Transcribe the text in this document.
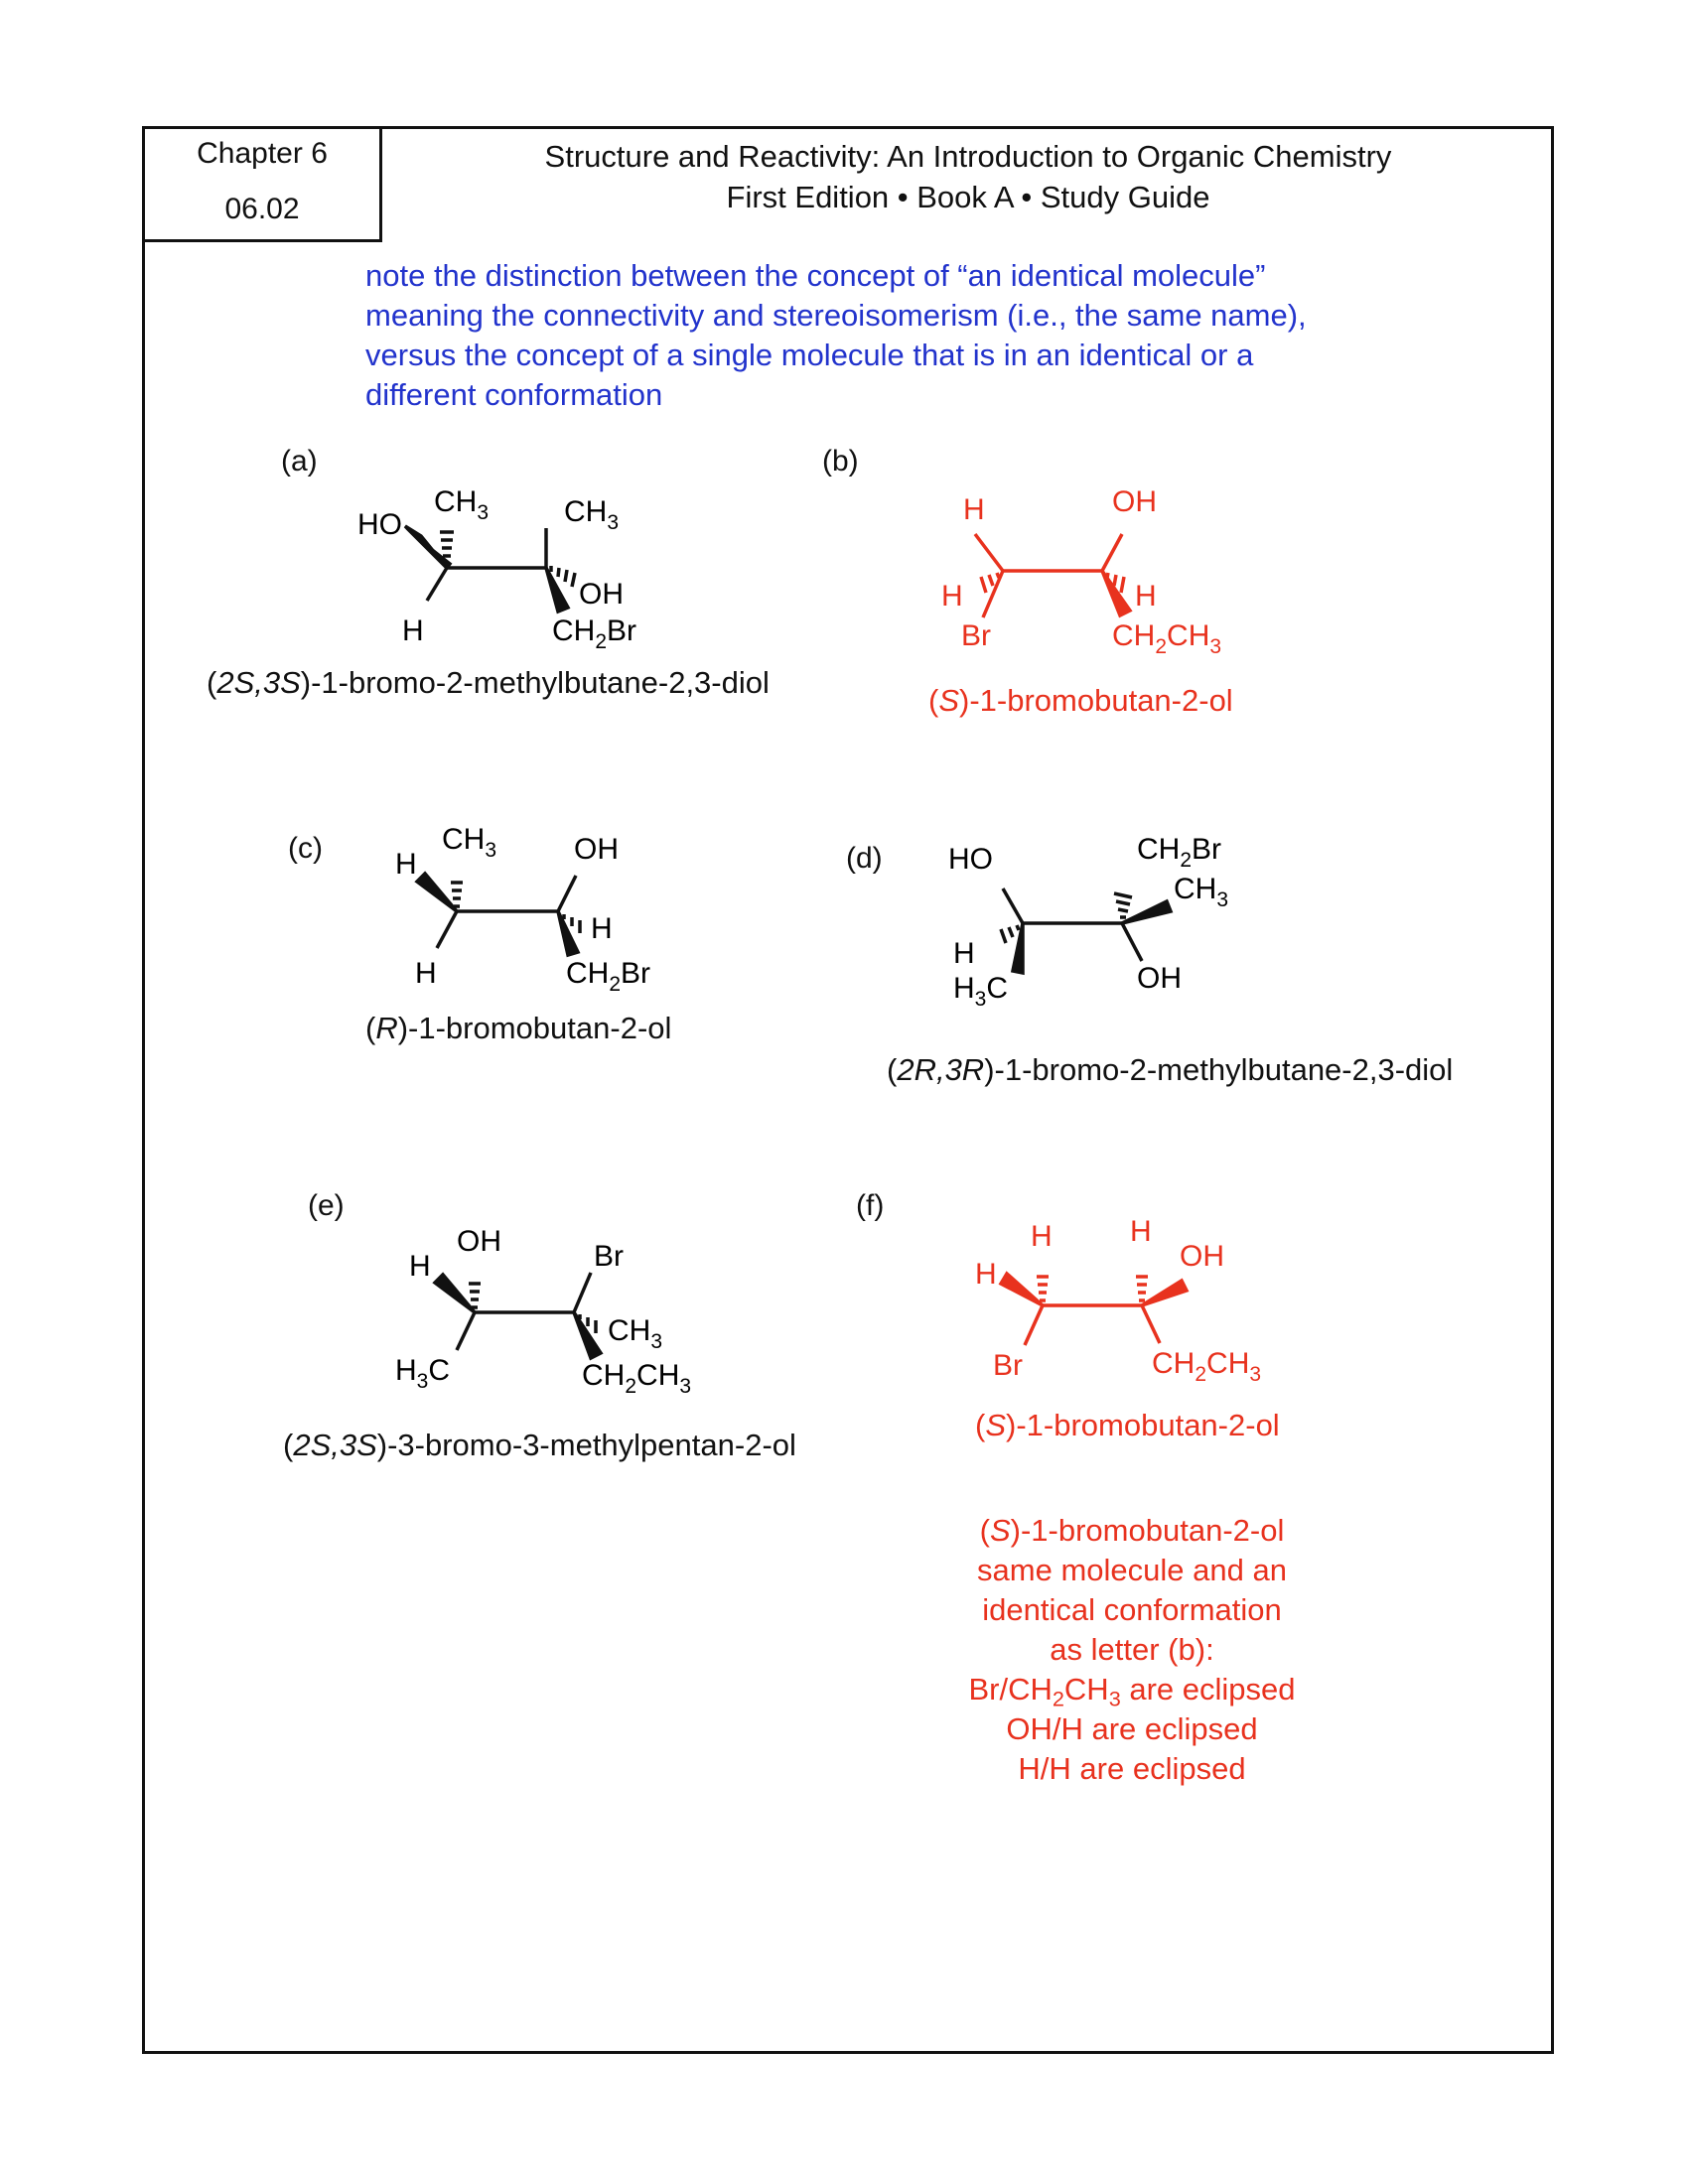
Chapter 6
06.02
Structure and Reactivity: An Introduction to Organic Chemistry
First Edition • Book A • Study Guide
note the distinction between the concept of “an identical molecule”
meaning the connectivity and stereoisomerism (i.e., the same name),
versus the concept of a single molecule that is in an identical or a
different conformation
(a)
HO
$CH_3$	$CH_3$
OH
H	$CH_2Br$
(2S,3S)-1-bromo-2-methylbutane-2,3-diol
(b)
H	OH
H
Br
H
$CH_2CH_3$
(S)-1-bromobutan-2-ol
(c) H
$CH_3$	OH
H
H	$CH_2Br$
(R)-1-bromobutan-2-ol
(d) HO	$CH_2Br$
$CH_3$
H
$H_3C$	OH
(2R,3R)-1-bromo-2-methylbutane-2,3-diol
(e)
H
OH	Br
$CH_3$
$H_3C$	$CH_2CH_3$
(2S,3S)-3-bromo-3-methylpentan-2-ol
(f)
H
H	H
OH
Br	$CH_2CH_3$
(S)-1-bromobutan-2-ol
(S)-1-bromobutan-2-ol
same molecule and an
identical conformation
as letter (b):
$Br/CH_2CH_3$ are eclipsed
OH/H are eclipsed
H/H are eclipsed
